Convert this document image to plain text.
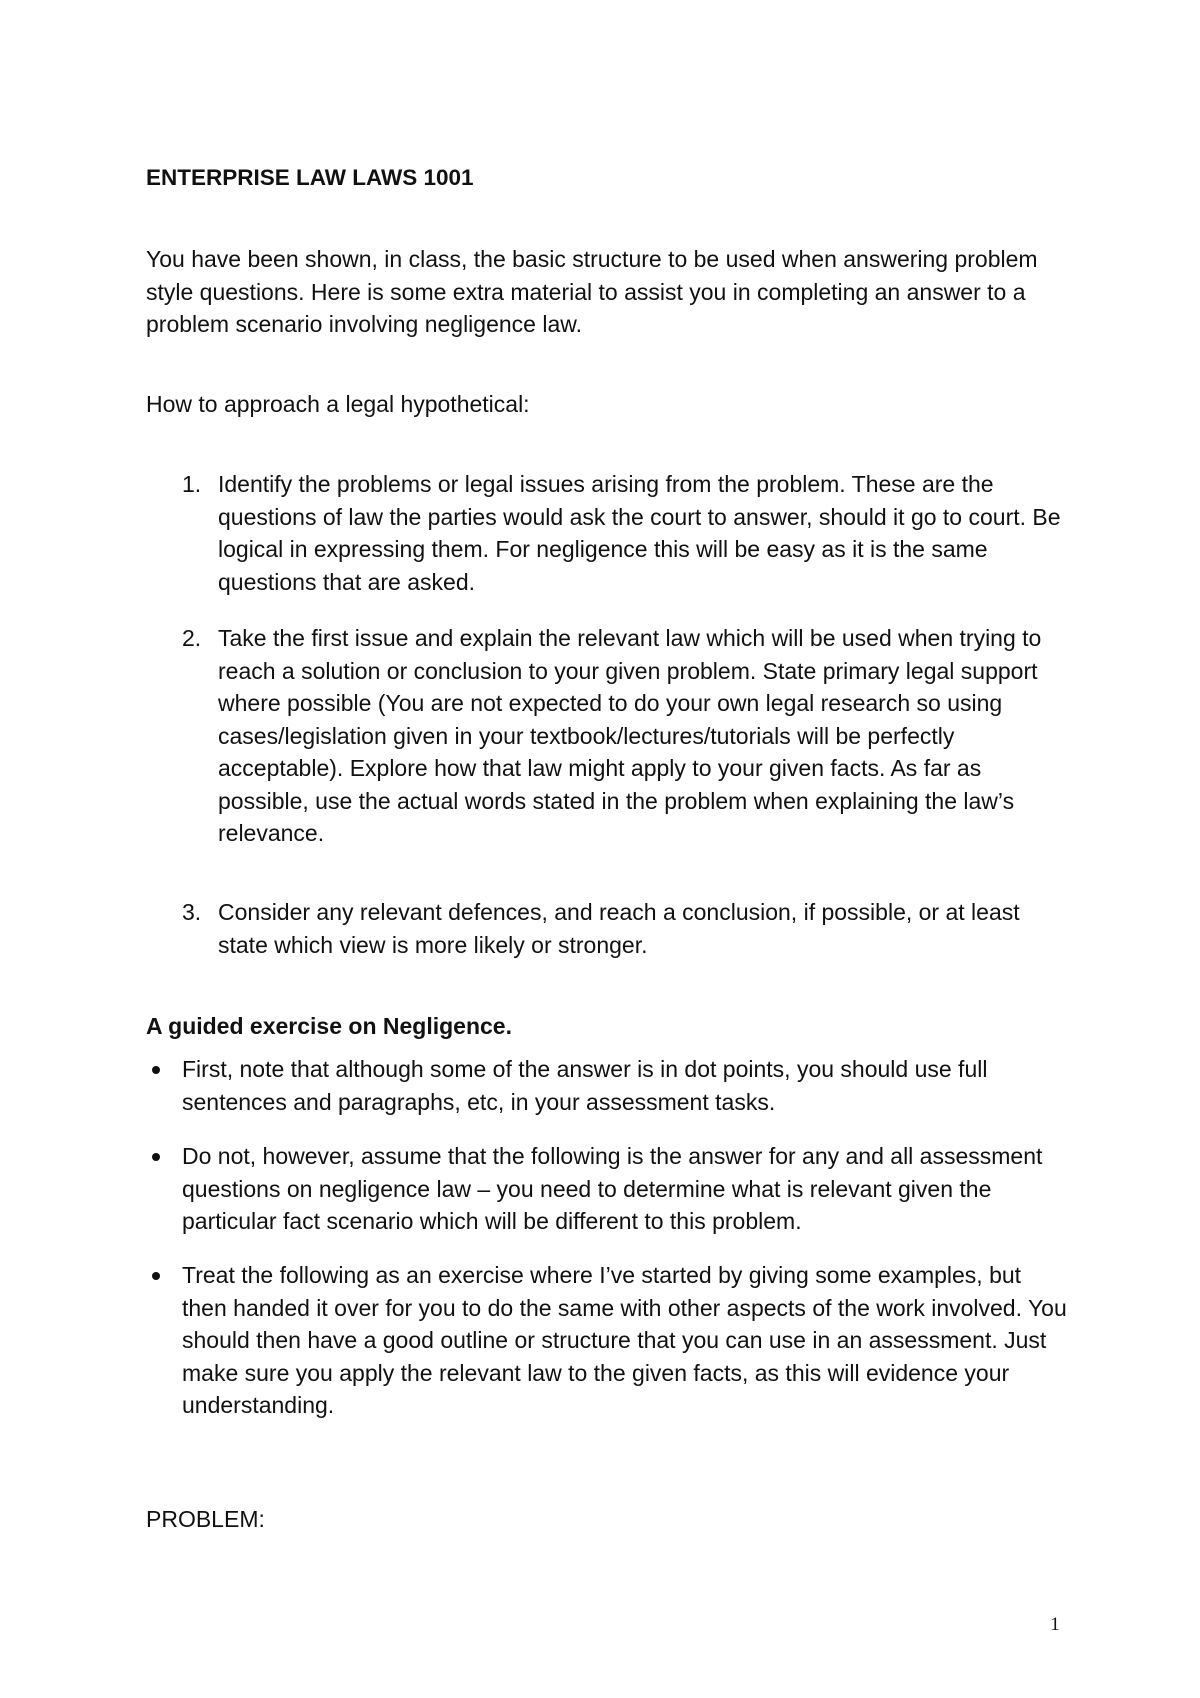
ENTERPRISE LAW LAWS 1001

You have been shown, in class, the basic structure to be used when answering problem style questions. Here is some extra material to assist you in completing an answer to a problem scenario involving negligence law.

How to approach a legal hypothetical:

1. Identify the problems or legal issues arising from the problem. These are the questions of law the parties would ask the court to answer, should it go to court. Be logical in expressing them. For negligence this will be easy as it is the same questions that are asked.
2. Take the first issue and explain the relevant law which will be used when trying to reach a solution or conclusion to your given problem. State primary legal support where possible (You are not expected to do your own legal research so using cases/legislation given in your textbook/lectures/tutorials will be perfectly acceptable). Explore how that law might apply to your given facts. As far as possible, use the actual words stated in the problem when explaining the law’s relevance.
3. Consider any relevant defences, and reach a conclusion, if possible, or at least state which view is more likely or stronger.

A guided exercise on Negligence.

First, note that although some of the answer is in dot points, you should use full sentences and paragraphs, etc, in your assessment tasks.
Do not, however, assume that the following is the answer for any and all assessment questions on negligence law – you need to determine what is relevant given the particular fact scenario which will be different to this problem.
Treat the following as an exercise where I’ve started by giving some examples, but then handed it over for you to do the same with other aspects of the work involved. You should then have a good outline or structure that you can use in an assessment. Just make sure you apply the relevant law to the given facts, as this will evidence your understanding.

PROBLEM:

1
